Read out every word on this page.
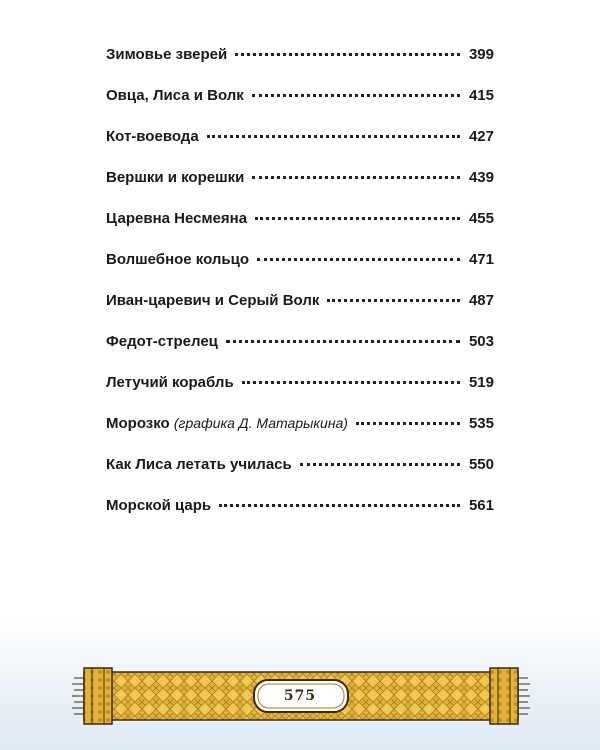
Зимовье зверей	399
Овца, Лиса и Волк	415
Кот-воевода	427
Вершки и корешки	439
Царевна Несмеяна	455
Волшебное кольцо	471
Иван-царевич и Серый Волк	487
Федот-стрелец	503
Летучий корабль	519
Морозко (графика Д. Матарыкина)	535
Как Лиса летать училась	550
Морской царь	561
575
